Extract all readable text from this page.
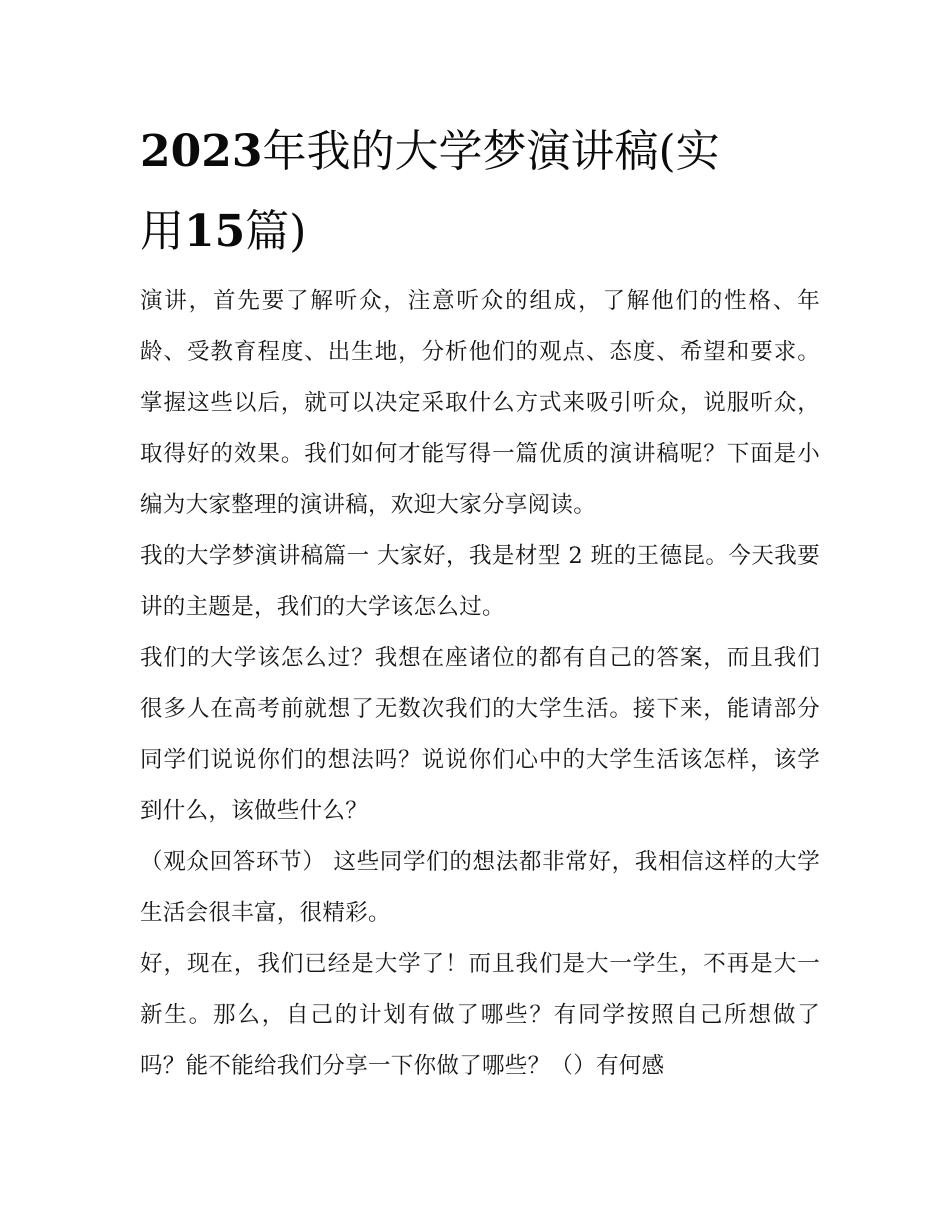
2023年我的大学梦演讲稿(实
用15篇)

演讲，首先要了解听众，注意听众的组成，了解他们的性格、年龄、受教育程度、出生地，分析他们的观点、态度、希望和要求。掌握这些以后，就可以决定采取什么方式来吸引听众，说服听众，取得好的效果。我们如何才能写得一篇优质的演讲稿呢？下面是小编为大家整理的演讲稿，欢迎大家分享阅读。

我的大学梦演讲稿篇一 大家好，我是材型 2 班的王德昆。今天我要讲的主题是，我们的大学该怎么过。

我们的大学该怎么过？我想在座诸位的都有自己的答案，而且我们很多人在高考前就想了无数次我们的大学生活。接下来，能请部分同学们说说你们的想法吗？说说你们心中的大学生活该怎样，该学到什么，该做些什么？

（观众回答环节） 这些同学们的想法都非常好，我相信这样的大学生活会很丰富，很精彩。

好，现在，我们已经是大学了！而且我们是大一学生，不再是大一新生。那么，自己的计划有做了哪些？有同学按照自己所想做了吗？能不能给我们分享一下你做了哪些？（）有何感
